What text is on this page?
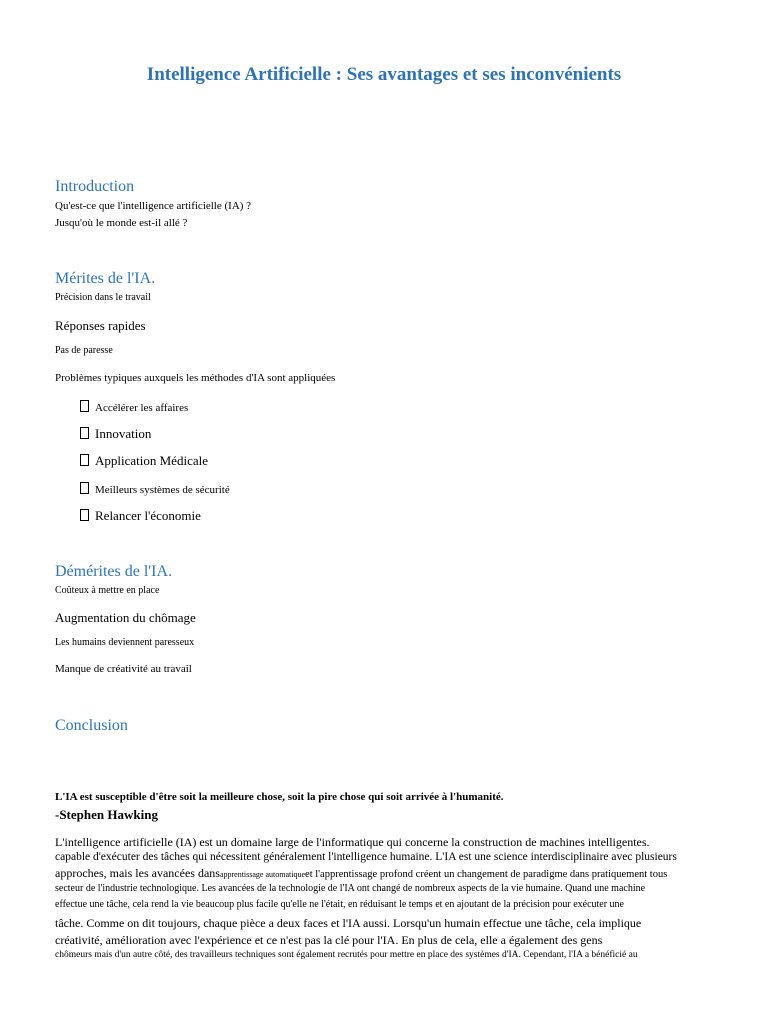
Intelligence Artificielle : Ses avantages et ses inconvénients
Introduction
Qu'est-ce que l'intelligence artificielle (IA) ?
Jusqu'où le monde est-il allé ?
Mérites de l'IA.
Précision dans le travail
Réponses rapides
Pas de paresse
Problèmes typiques auxquels les méthodes d'IA sont appliquées
Accélérer les affaires
Innovation
Application Médicale
Meilleurs systèmes de sécurité
Relancer l'économie
Démérites de l'IA.
Coûteux à mettre en place
Augmentation du chômage
Les humains deviennent paresseux
Manque de créativité au travail
Conclusion
L'IA est susceptible d'être soit la meilleure chose, soit la pire chose qui soit arrivée à l'humanité.
-Stephen Hawking
L'intelligence artificielle (IA) est un domaine large de l'informatique qui concerne la construction de machines intelligentes.
capable d'exécuter des tâches qui nécessitent généralement l'intelligence humaine. L'IA est une science interdisciplinaire avec plusieurs
approches, mais les avancées dansapprentissage automatiqueet l'apprentissage profond créent un changement de paradigme dans pratiquement tous
secteur de l'industrie technologique. Les avancées de la technologie de l'IA ont changé de nombreux aspects de la vie humaine. Quand une machine
effectue une tâche, cela rend la vie beaucoup plus facile qu'elle ne l'était, en réduisant le temps et en ajoutant de la précision pour exécuter une
tâche. Comme on dit toujours, chaque pièce a deux faces et l'IA aussi. Lorsqu'un humain effectue une tâche, cela implique
créativité, amélioration avec l'expérience et ce n'est pas la clé pour l'IA. En plus de cela, elle a également des gens
chômeurs mais d'un autre côté, des travailleurs techniques sont également recrutés pour mettre en place des systèmes d'IA. Cependant, l'IA a bénéficié au
